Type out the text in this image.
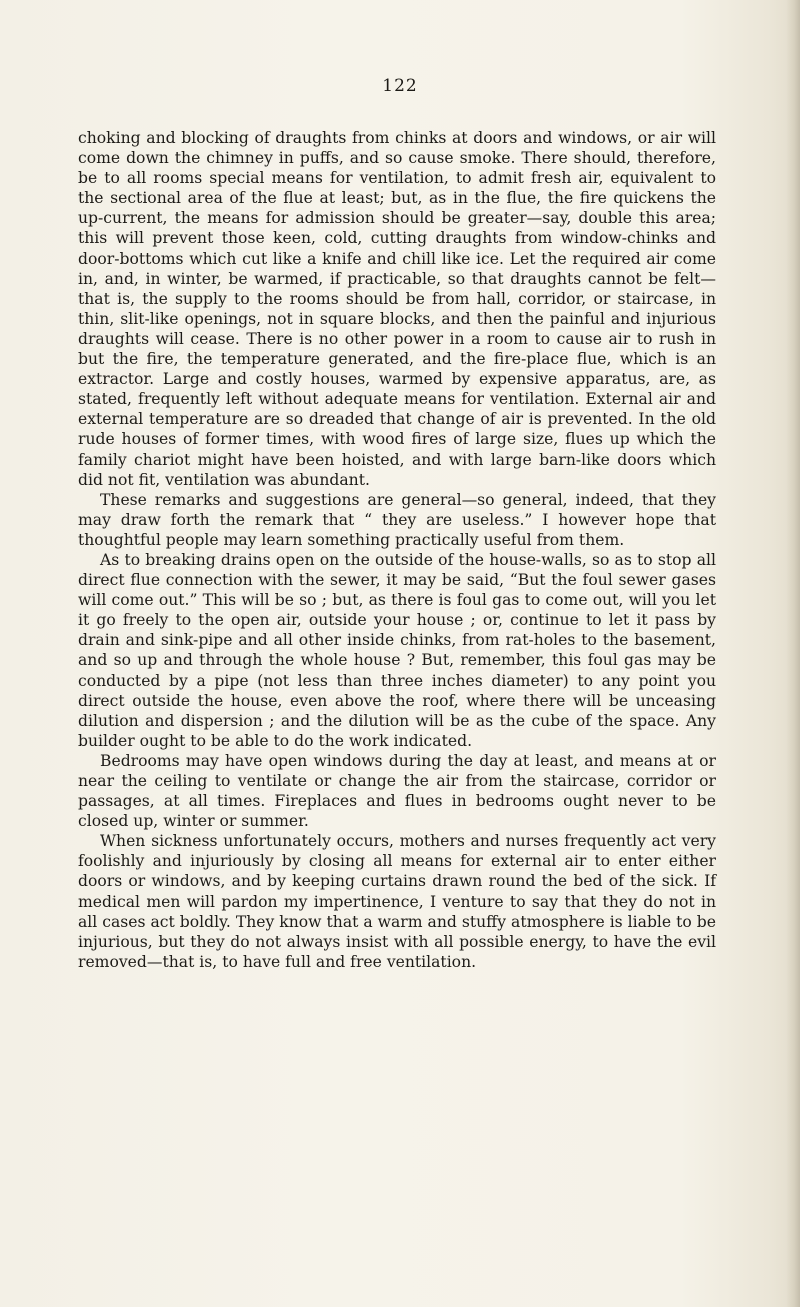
122

choking and blocking of draughts from chinks at doors and windows, or air will come down the chimney in puffs, and so cause smoke. There should, therefore, be to all rooms special means for ventilation, to admit fresh air, equivalent to the sectional area of the flue at least; but, as in the flue, the fire quickens the up-current, the means for admission should be greater—say, double this area; this will prevent those keen, cold, cutting draughts from window-chinks and door-bottoms which cut like a knife and chill like ice. Let the required air come in, and, in winter, be warmed, if practicable, so that draughts cannot be felt—that is, the supply to the rooms should be from hall, corridor, or staircase, in thin, slit-like openings, not in square blocks, and then the painful and injurious draughts will cease. There is no other power in a room to cause air to rush in but the fire, the temperature generated, and the fire-place flue, which is an extractor. Large and costly houses, warmed by expensive apparatus, are, as stated, frequently left without adequate means for ventilation. External air and external temperature are so dreaded that change of air is prevented. In the old rude houses of former times, with wood fires of large size, flues up which the family chariot might have been hoisted, and with large barn-like doors which did not fit, ventilation was abundant.

These remarks and suggestions are general—so general, indeed, that they may draw forth the remark that “ they are useless.” I however hope that thoughtful people may learn something practically useful from them.

As to breaking drains open on the outside of the house-walls, so as to stop all direct flue connection with the sewer, it may be said, “But the foul sewer gases will come out.” This will be so ; but, as there is foul gas to come out, will you let it go freely to the open air, outside your house ; or, continue to let it pass by drain and sink-pipe and all other inside chinks, from rat-holes to the basement, and so up and through the whole house ? But, remember, this foul gas may be conducted by a pipe (not less than three inches diameter) to any point you direct outside the house, even above the roof, where there will be unceasing dilution and dispersion ; and the dilution will be as the cube of the space. Any builder ought to be able to do the work indicated.

Bedrooms may have open windows during the day at least, and means at or near the ceiling to ventilate or change the air from the staircase, corridor or passages, at all times. Fireplaces and flues in bedrooms ought never to be closed up, winter or summer.

When sickness unfortunately occurs, mothers and nurses frequently act very foolishly and injuriously by closing all means for external air to enter either doors or windows, and by keeping curtains drawn round the bed of the sick. If medical men will pardon my impertinence, I venture to say that they do not in all cases act boldly. They know that a warm and stuffy atmosphere is liable to be injurious, but they do not always insist with all possible energy, to have the evil removed—that is, to have full and free ventilation.
